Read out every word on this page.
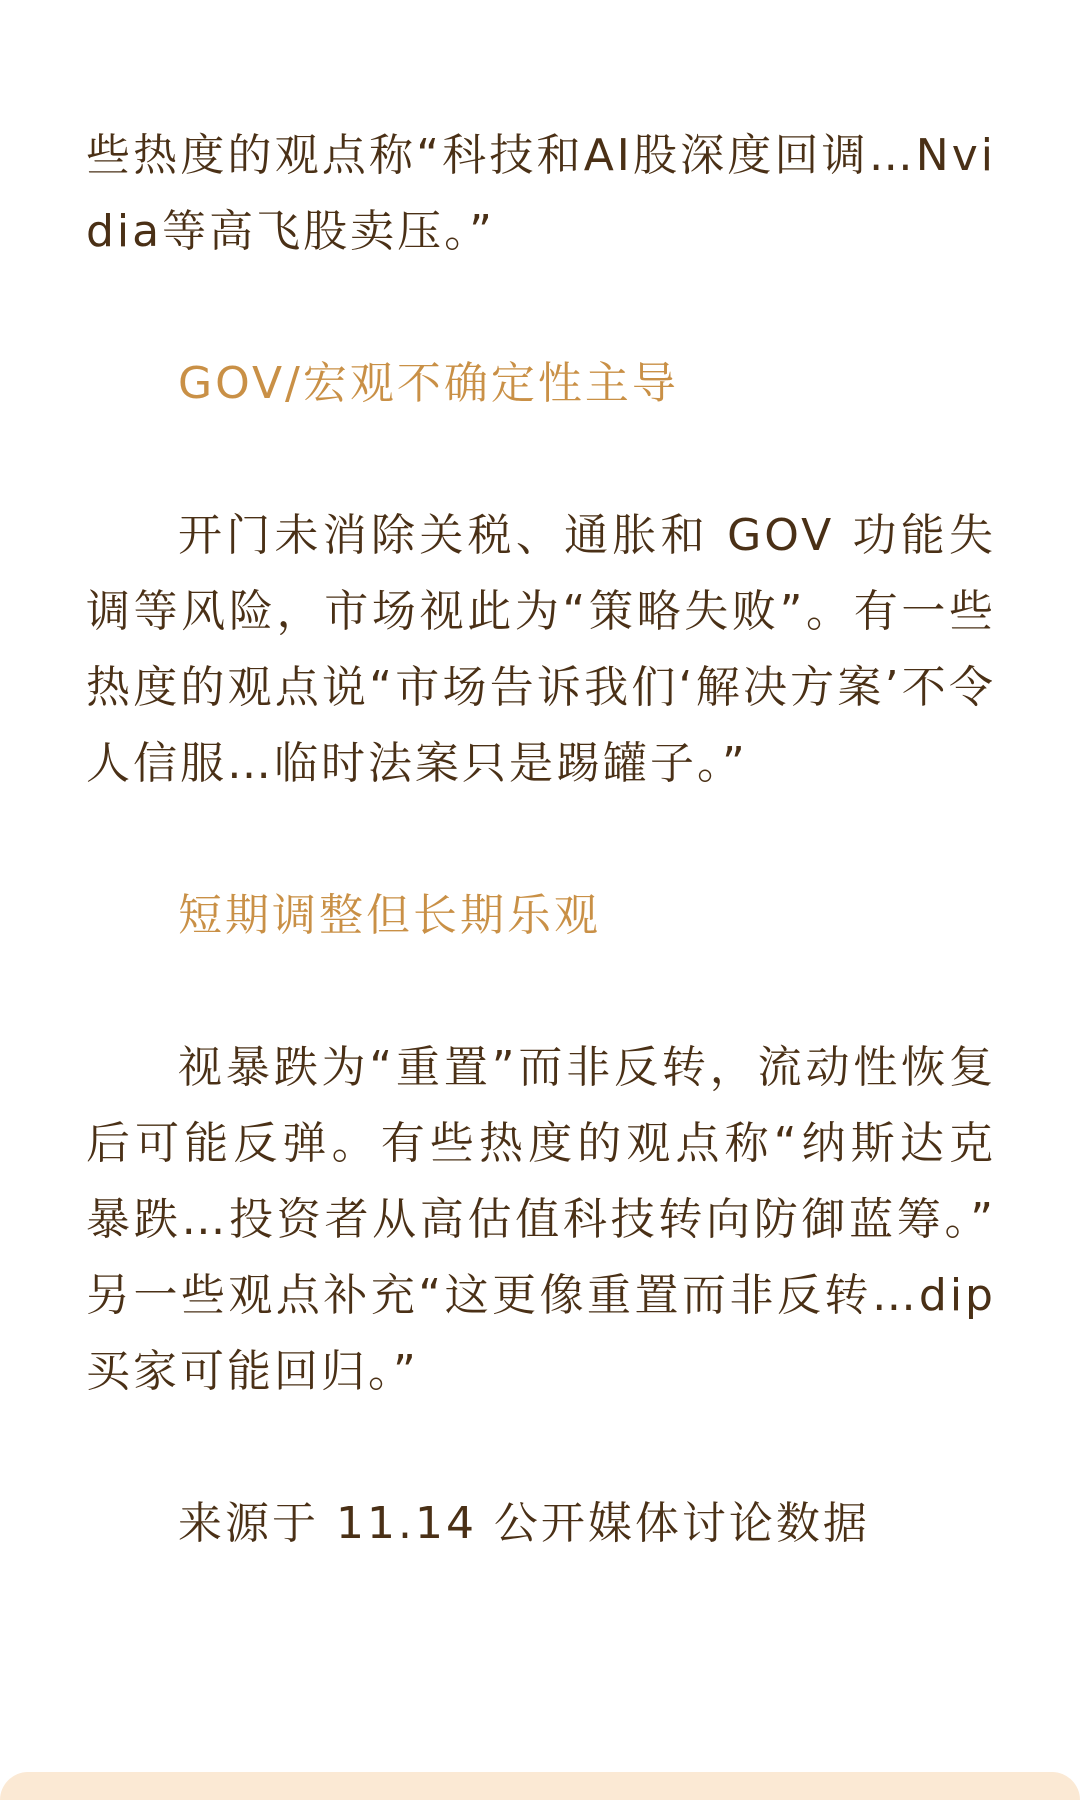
些热度的观点称“科技和AI股深度回调…Nvidia等高飞股卖压。”

GOV/宏观不确定性主导

开门未消除关税、通胀和 GOV 功能失调等风险，市场视此为“策略失败”。有一些热度的观点说“市场告诉我们‘解决方案’不令人信服…临时法案只是踢罐子。”

短期调整但长期乐观

视暴跌为“重置”而非反转，流动性恢复后可能反弹。有些热度的观点称“纳斯达克暴跌…投资者从高估值科技转向防御蓝筹。” 另一些观点补充“这更像重置而非反转…dip买家可能回归。”

来源于 11.14 公开媒体讨论数据
